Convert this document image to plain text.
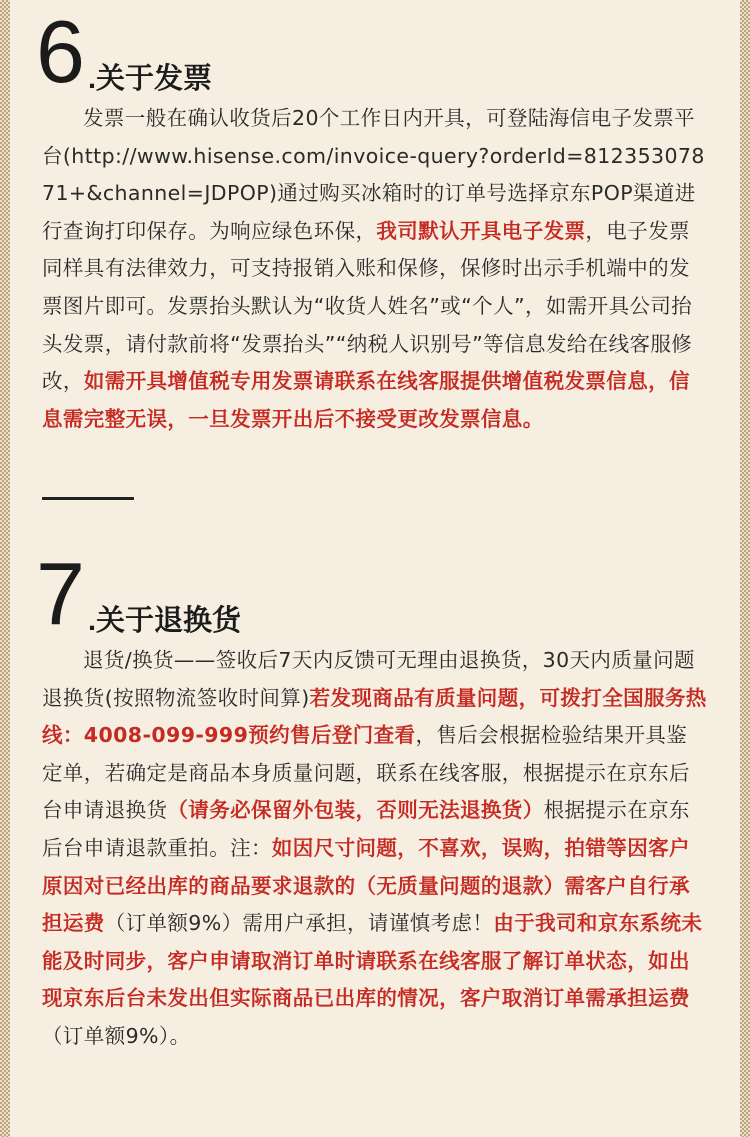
6 .关于发票

发票一般在确认收货后20个工作日内开具，可登陆海信电子发票平台(http://www.hisense.com/invoice-query?orderId=81235307871+&channel=JDPOP)通过购买冰箱时的订单号选择京东POP渠道进行查询打印保存。为响应绿色环保，我司默认开具电子发票，电子发票同样具有法律效力，可支持报销入账和保修，保修时出示手机端中的发票图片即可。发票抬头默认为“收货人姓名”或“个人”，如需开具公司抬头发票，请付款前将“发票抬头”“纳税人识别号”等信息发给在线客服修改，如需开具增值税专用发票请联系在线客服提供增值税发票信息，信息需完整无误，一旦发票开出后不接受更改发票信息。

7 .关于退换货

退货/换货——签收后7天内反馈可无理由退换货，30天内质量问题退换货(按照物流签收时间算)若发现商品有质量问题，可拨打全国服务热线：4008-099-999预约售后登门查看，售后会根据检验结果开具鉴定单，若确定是商品本身质量问题，联系在线客服，根据提示在京东后台申请退换货（请务必保留外包装，否则无法退换货）根据提示在京东后台申请退款重拍。注：如因尺寸问题，不喜欢，误购，拍错等因客户原因对已经出库的商品要求退款的（无质量问题的退款）需客户自行承担运费（订单额9%）需用户承担，请谨慎考虑！由于我司和京东系统未能及时同步，客户申请取消订单时请联系在线客服了解订单状态，如出现京东后台未发出但实际商品已出库的情况，客户取消订单需承担运费（订单额9%）。
